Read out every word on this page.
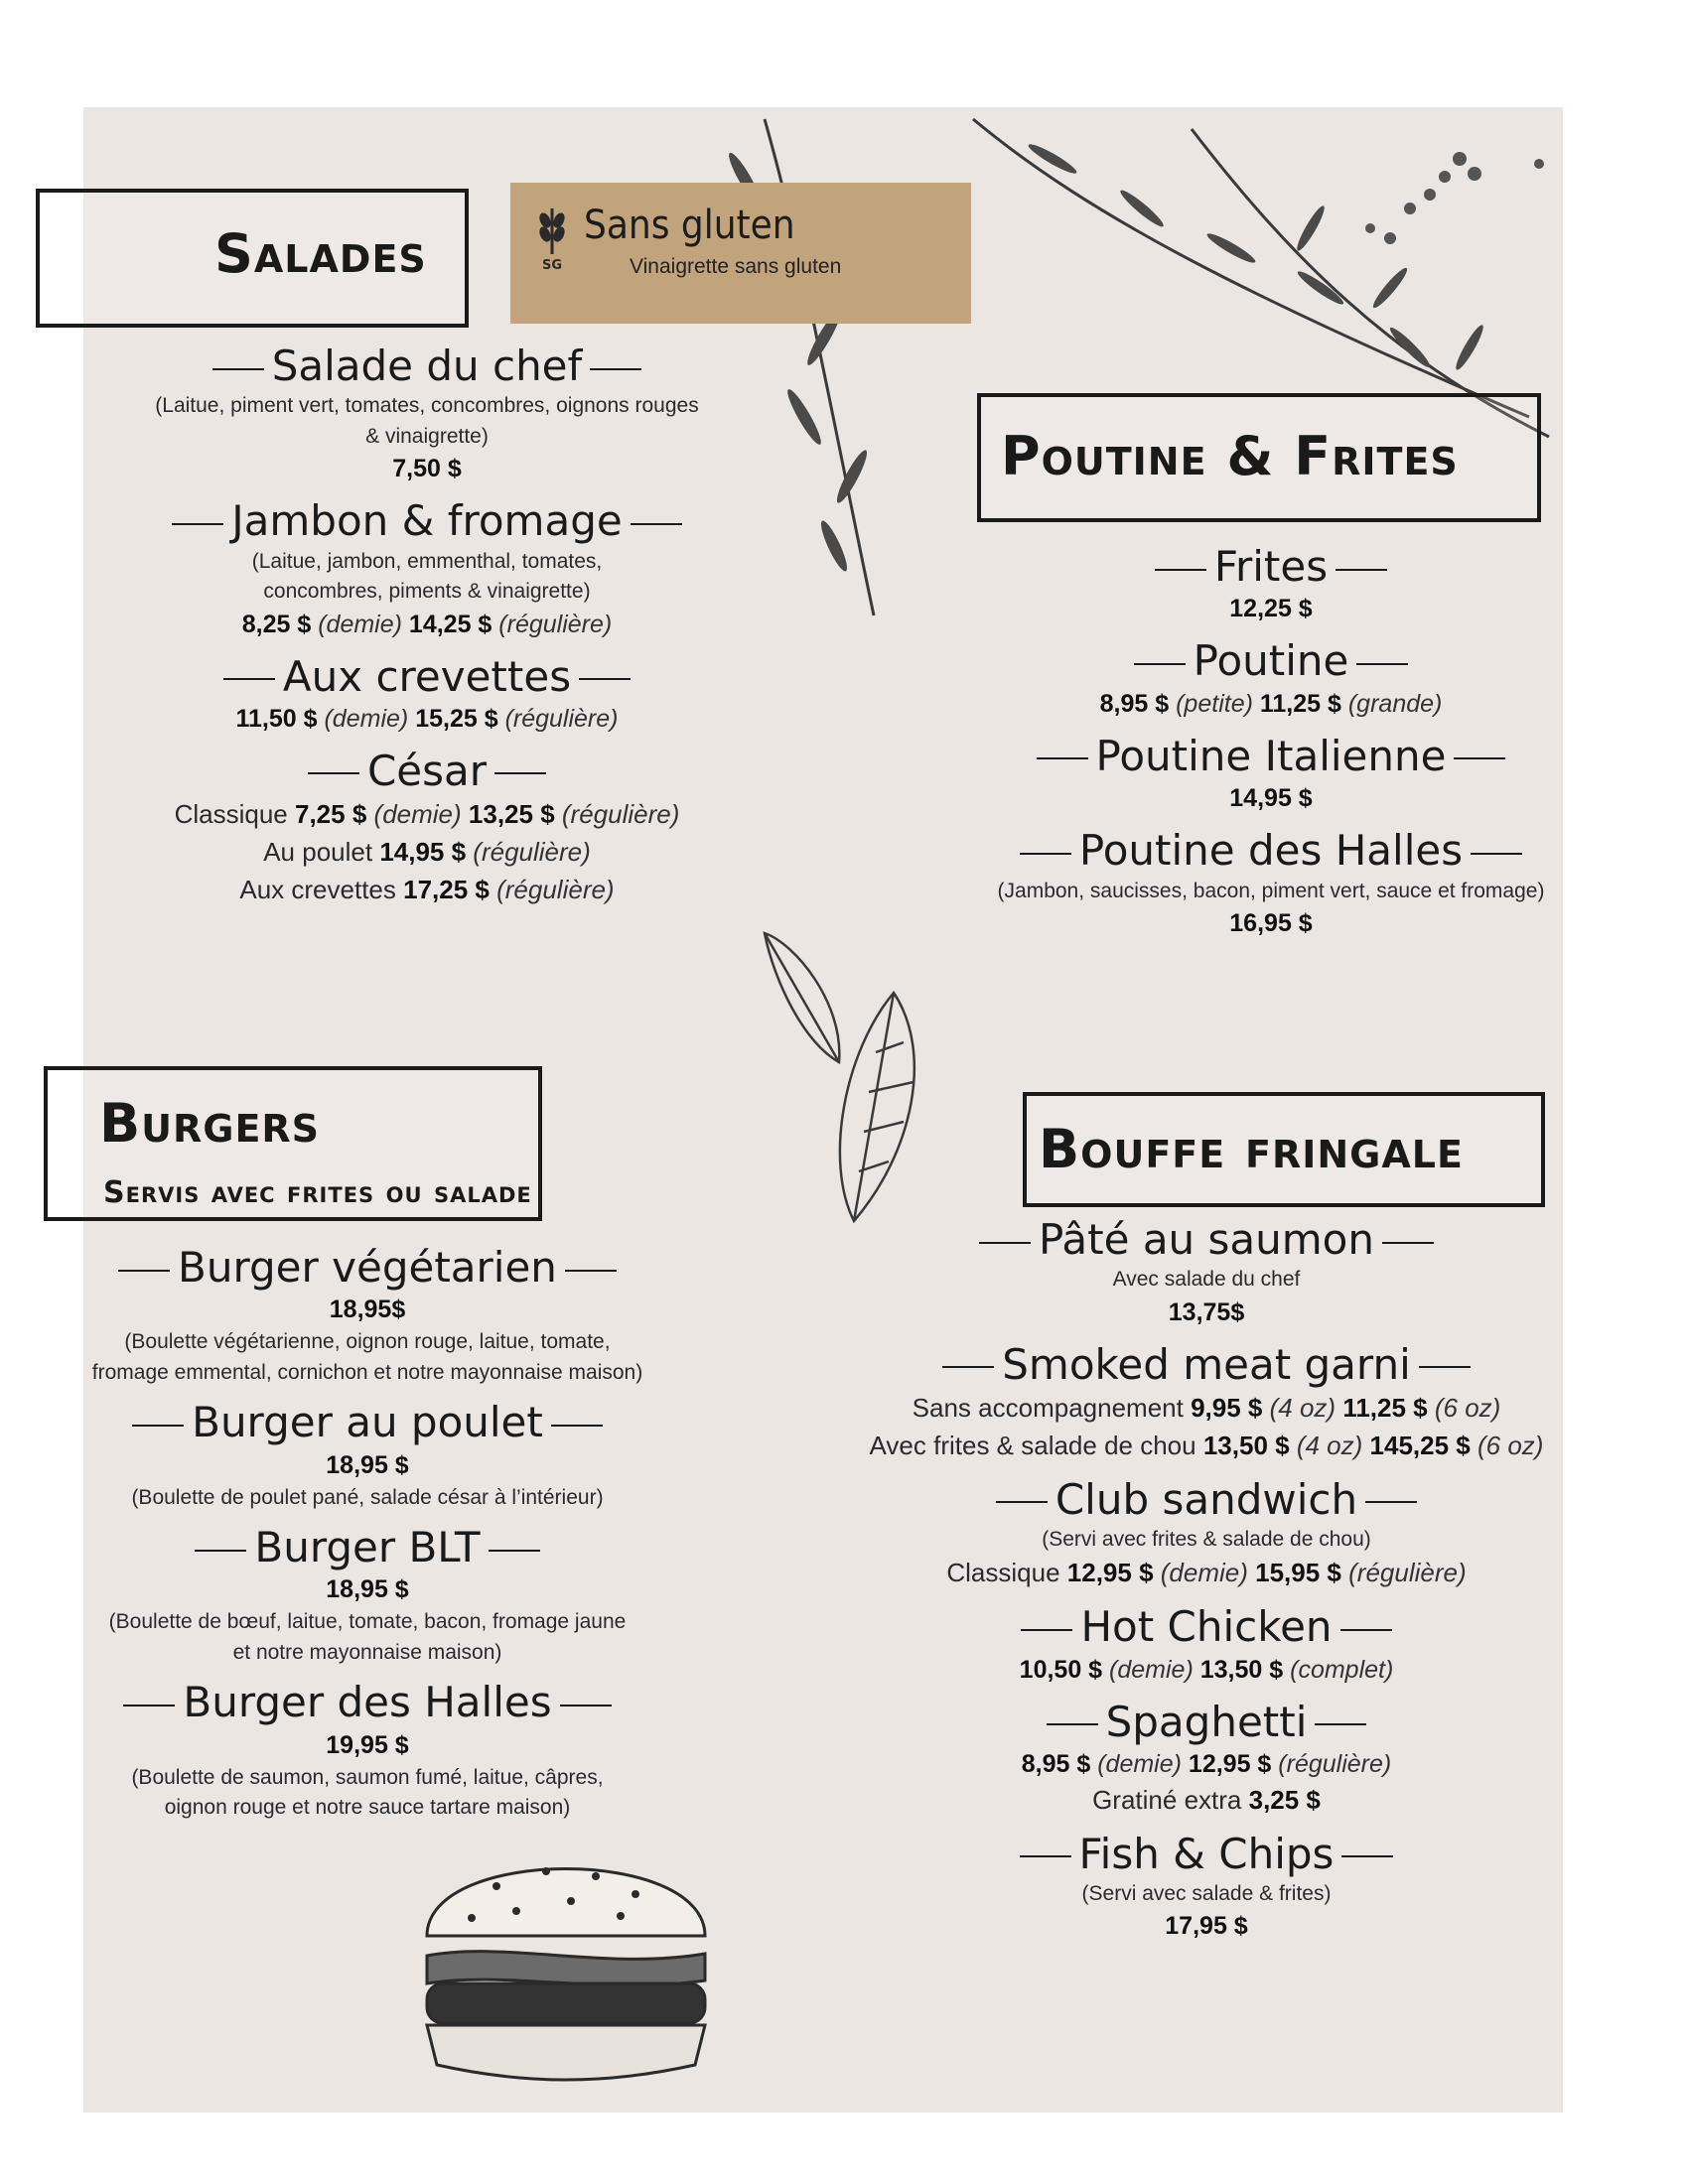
Salades	SG
Sans gluten
Vinaigrette sans gluten
Salade du chef
(Laitue, piment vert, tomates, concombres, oignons rouges
& vinaigrette)
7,50 $
Jambon & fromage
(Laitue, jambon, emmenthal, tomates,
concombres, piments & vinaigrette)
8,25 $ (demie) 14,25 $ (régulière)
Aux crevettes
11,50 $ (demie) 15,25 $ (régulière)
César
Classique 7,25 $ (demie) 13,25 $ (régulière)
Au poulet 14,95 $ (régulière)
Aux crevettes 17,25 $ (régulière)
Poutine & Frites
Frites
12,25 $
Poutine
8,95 $ (petite) 11,25 $ (grande)
Poutine Italienne
14,95 $
Poutine des Halles
(Jambon, saucisses, bacon, piment vert, sauce et fromage)
16,95 $
Burgers
Servis avec frites ou salade
Burger végétarien
18,95$
(Boulette végétarienne, oignon rouge, laitue, tomate,
fromage emmental, cornichon et notre mayonnaise maison)
Burger au poulet
18,95 $
(Boulette de poulet pané, salade césar à l’intérieur)
Burger BLT
18,95 $
(Boulette de bœuf, laitue, tomate, bacon, fromage jaune
et notre mayonnaise maison)
Burger des Halles
19,95 $
(Boulette de saumon, saumon fumé, laitue, câpres,
oignon rouge et notre sauce tartare maison)
Bouffe fringale
Pâté au saumon
Avec salade du chef
13,75$
Smoked meat garni
Sans accompagnement 9,95 $ (4 oz) 11,25 $ (6 oz)
Avec frites & salade de chou 13,50 $ (4 oz) 145,25 $ (6 oz)
Club sandwich
(Servi avec frites & salade de chou)
Classique 12,95 $ (demie) 15,95 $ (régulière)
Hot Chicken
10,50 $ (demie) 13,50 $ (complet)
Spaghetti
8,95 $ (demie) 12,95 $ (régulière)
Gratiné extra 3,25 $
Fish & Chips
(Servi avec salade & frites)
17,95 $
